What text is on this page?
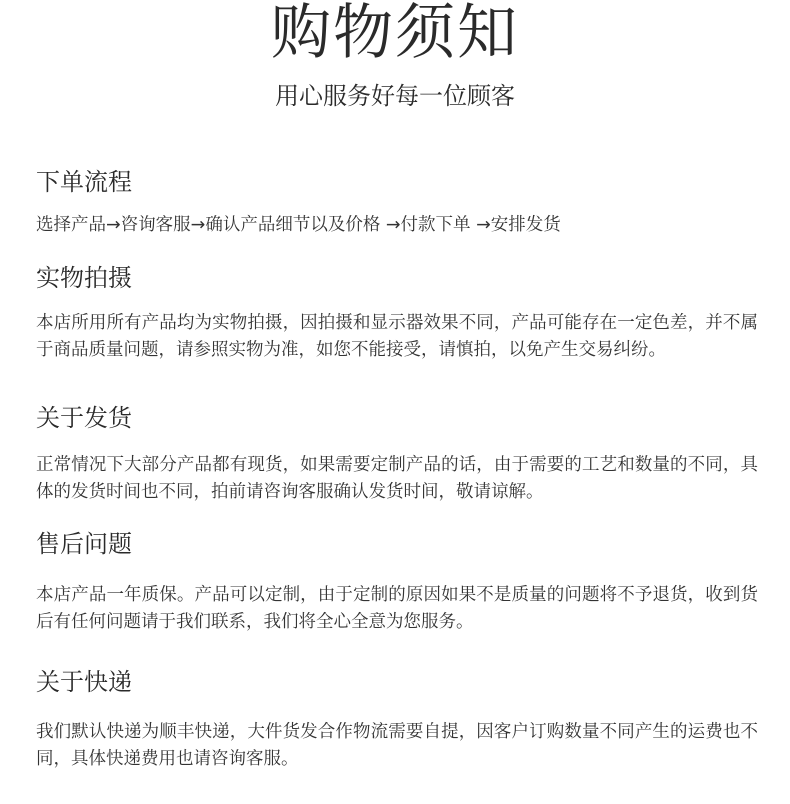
购物须知
用心服务好每一位顾客
下单流程

选择产品→咨询客服→确认产品细节以及价格 →付款下单 →安排发货

实物拍摄

本店所用所有产品均为实物拍摄，因拍摄和显示器效果不同，产品可能存在一定色差，并不属于商品质量问题，请参照实物为准，如您不能接受，请慎拍，以免产生交易纠纷。

关于发货

正常情况下大部分产品都有现货，如果需要定制产品的话，由于需要的工艺和数量的不同，具体的发货时间也不同，拍前请咨询客服确认发货时间，敬请谅解。

售后问题

本店产品一年质保。产品可以定制，由于定制的原因如果不是质量的问题将不予退货，收到货后有任何问题请于我们联系，我们将全心全意为您服务。

关于快递

我们默认快递为顺丰快递，大件货发合作物流需要自提，因客户订购数量不同产生的运费也不同，具体快递费用也请咨询客服。
